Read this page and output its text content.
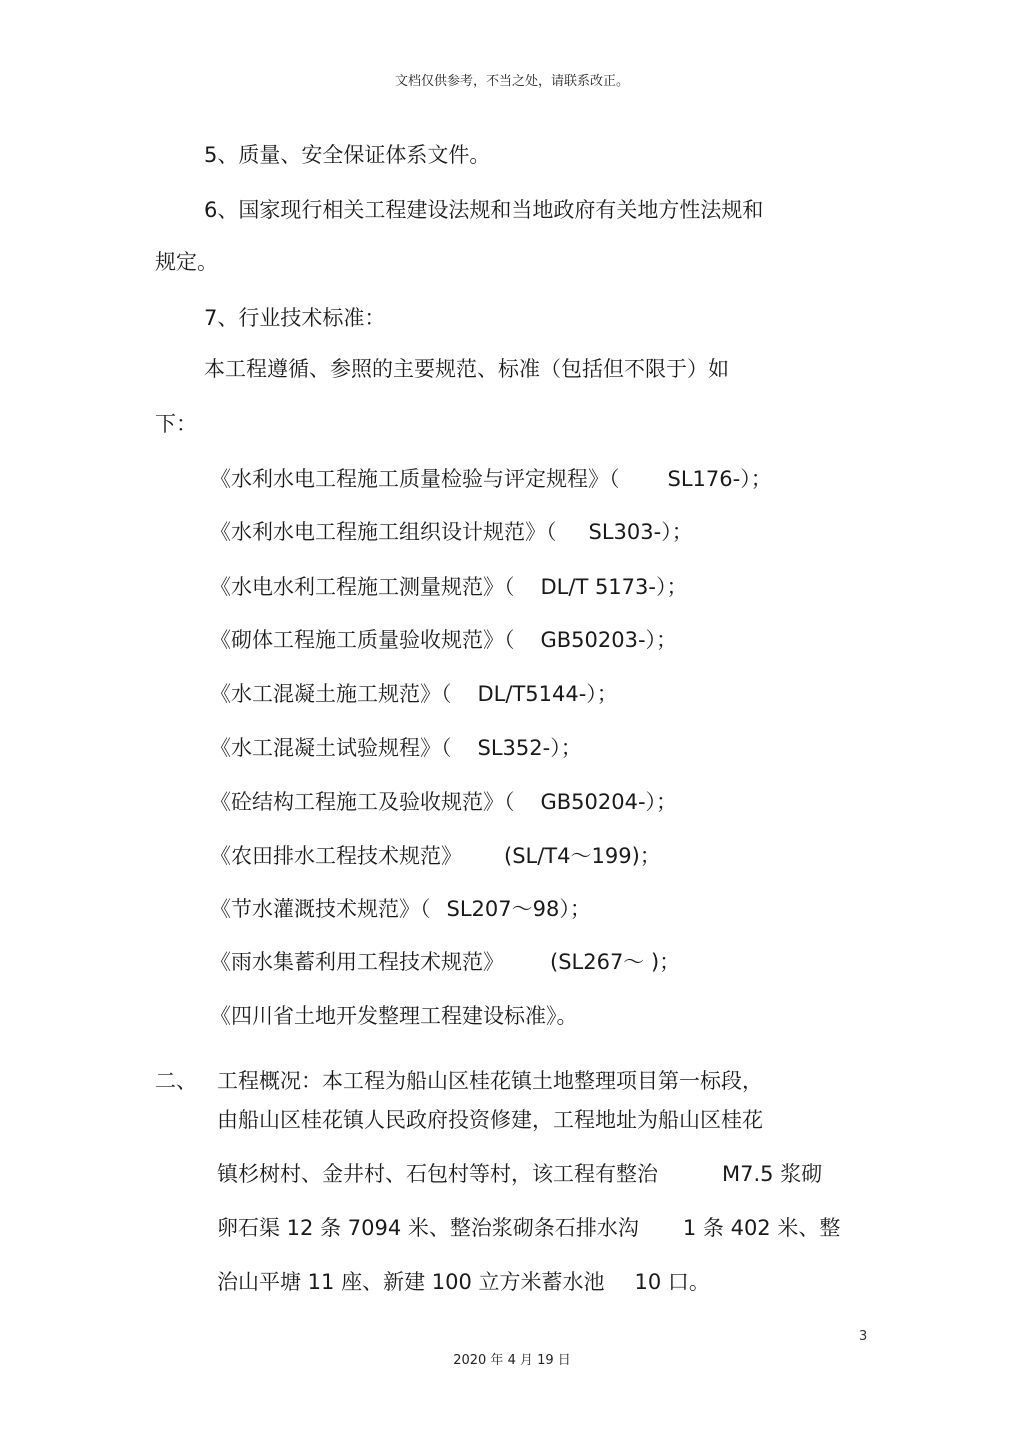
文档仅供参考，不当之处，请联系改正。
5、质量、安全保证体系文件。
6、国家现行相关工程建设法规和当地政府有关地方性法规和
规定。
7、行业技术标准：
本工程遵循、参照的主要规范、标准（包括但不限于）如
下：
《水利水电工程施工质量检验与评定规程》（ SL176-）；
《水利水电工程施工组织设计规范》（ SL303-）；
《水电水利工程施工测量规范》（ DL/T 5173-）；
《砌体工程施工质量验收规范》（ GB50203-）；
《水工混凝土施工规范》（ DL/T5144-）；
《水工混凝土试验规程》（ SL352-）；
《砼结构工程施工及验收规范》（ GB50204-）；
《农田排水工程技术规范》 (SL/T4～199)；
《节水灌溉技术规范》（ SL207～98）；
《雨水集蓄利用工程技术规范》 (SL267～ )；
《四川省土地开发整理工程建设标准》。
二、 工程概况：本工程为船山区桂花镇土地整理项目第一标段，
由船山区桂花镇人民政府投资修建，工程地址为船山区桂花
镇杉树村、金井村、石包村等村，该工程有整治	M7.5 浆砌
卵石渠 12 条 7094 米、整治浆砌条石排水沟 1 条 402 米、整
治山平塘 11 座、新建 100 立方米蓄水池 10 口。
3
2020 年 4 月 19 日
